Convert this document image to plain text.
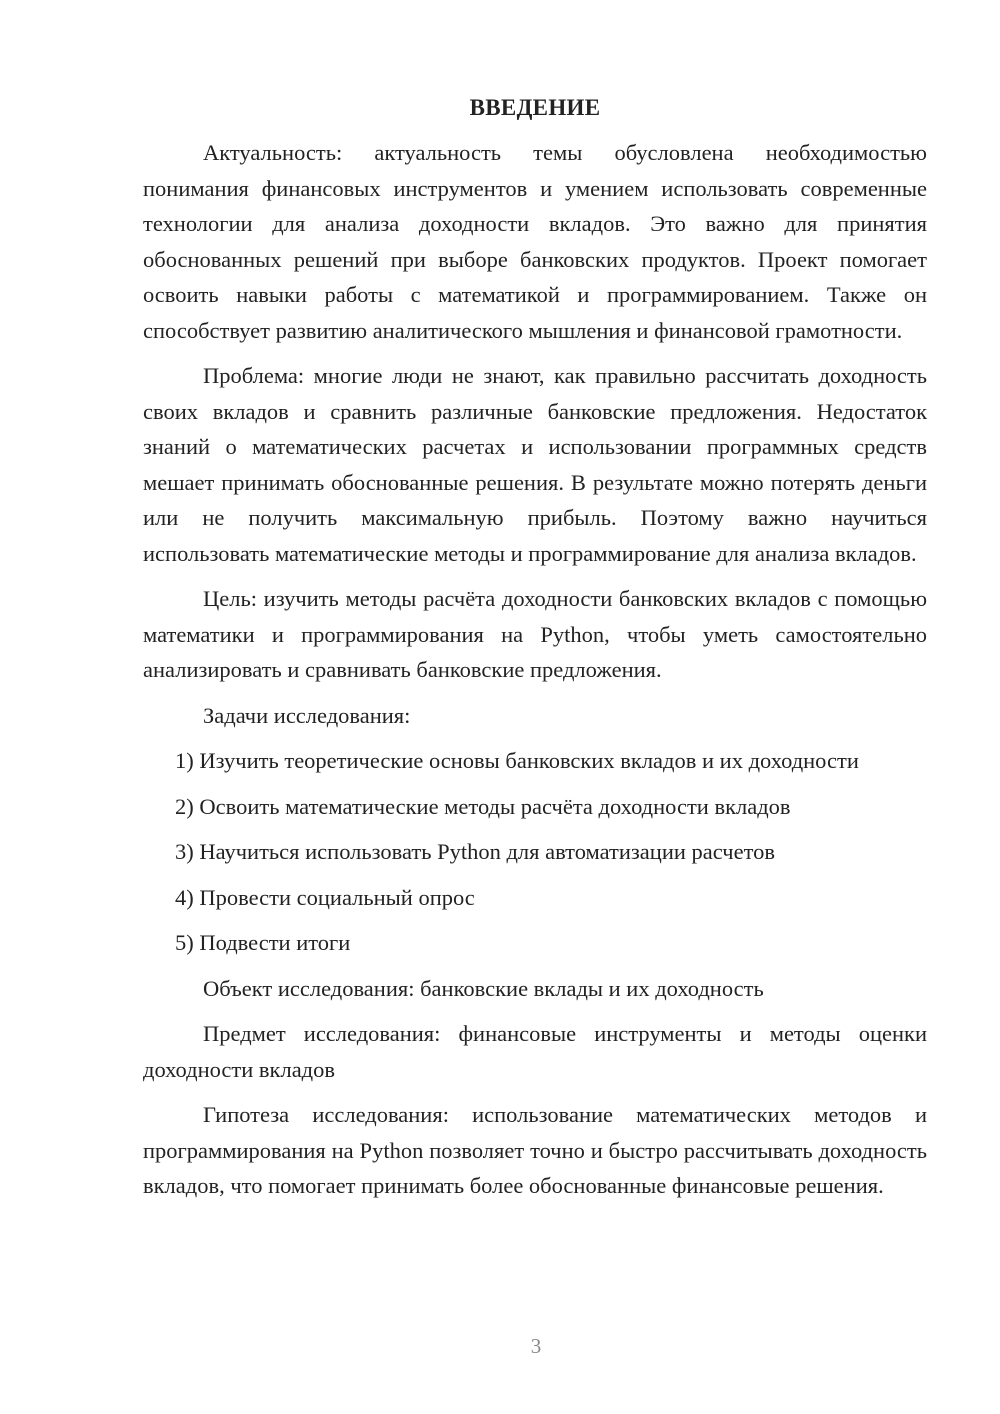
ВВЕДЕНИЕ

Актуальность: актуальность темы обусловлена необходимостью понимания финансовых инструментов и умением использовать современные технологии для анализа доходности вкладов. Это важно для принятия обоснованных решений при выборе банковских продуктов. Проект помогает освоить навыки работы с математикой и программированием. Также он способствует развитию аналитического мышления и финансовой грамотности.

Проблема: многие люди не знают, как правильно рассчитать доходность своих вкладов и сравнить различные банковские предложения. Недостаток знаний о математических расчетах и использовании программных средств мешает принимать обоснованные решения. В результате можно потерять деньги или не получить максимальную прибыль. Поэтому важно научиться использовать математические методы и программирование для анализа вкладов.

Цель: изучить методы расчёта доходности банковских вкладов с помощью математики и программирования на Python, чтобы уметь самостоятельно анализировать и сравнивать банковские предложения.

Задачи исследования:
1) Изучить теоретические основы банковских вкладов и их доходности
2) Освоить математические методы расчёта доходности вкладов
3) Научиться использовать Python для автоматизации расчетов
4) Провести социальный опрос
5) Подвести итоги

Объект исследования: банковские вклады и их доходность

Предмет исследования: финансовые инструменты и методы оценки доходности вкладов

Гипотеза исследования: использование математических методов и программирования на Python позволяет точно и быстро рассчитывать доходность вкладов, что помогает принимать более обоснованные финансовые решения.

3
